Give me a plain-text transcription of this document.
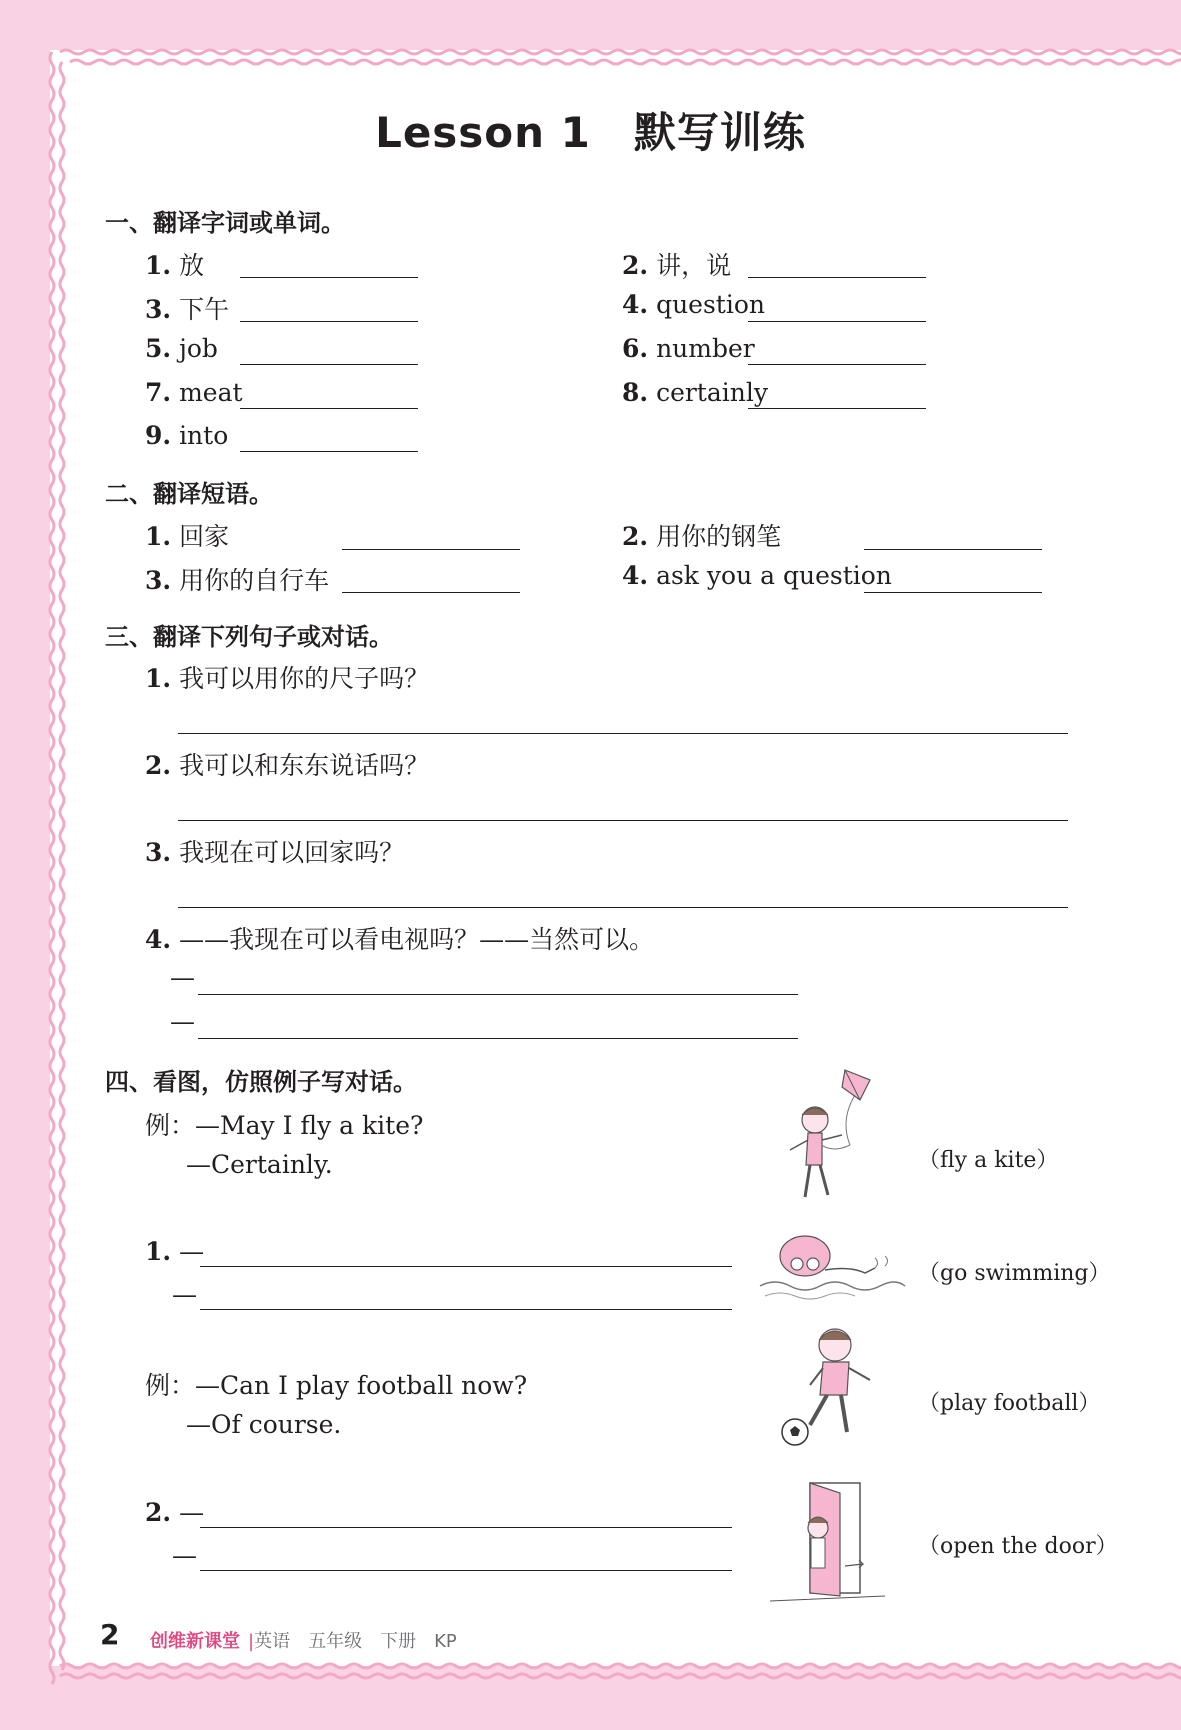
Lesson 1　默写训练
一、翻译字词或单词。
1. 放	2. 讲，说
3. 下午	4. question
5. job	6. number
7. meat	8. certainly
9. into
二、翻译短语。
1. 回家	2. 用你的钢笔
3. 用你的自行车	4. ask you a question
三、翻译下列句子或对话。
1. 我可以用你的尺子吗？
2. 我可以和东东说话吗？
3. 我现在可以回家吗？
4. ——我现在可以看电视吗？——当然可以。
—
—
四、看图，仿照例子写对话。
例：—May I fly a kite?
—Certainly.
1. —
—
例：—Can I play football now?
—Of course.
2. —
—
（fly a kite）
（go swimming）
（play football）
（open the door）
2 创维新课堂 |英语　五年级　下册　KP
